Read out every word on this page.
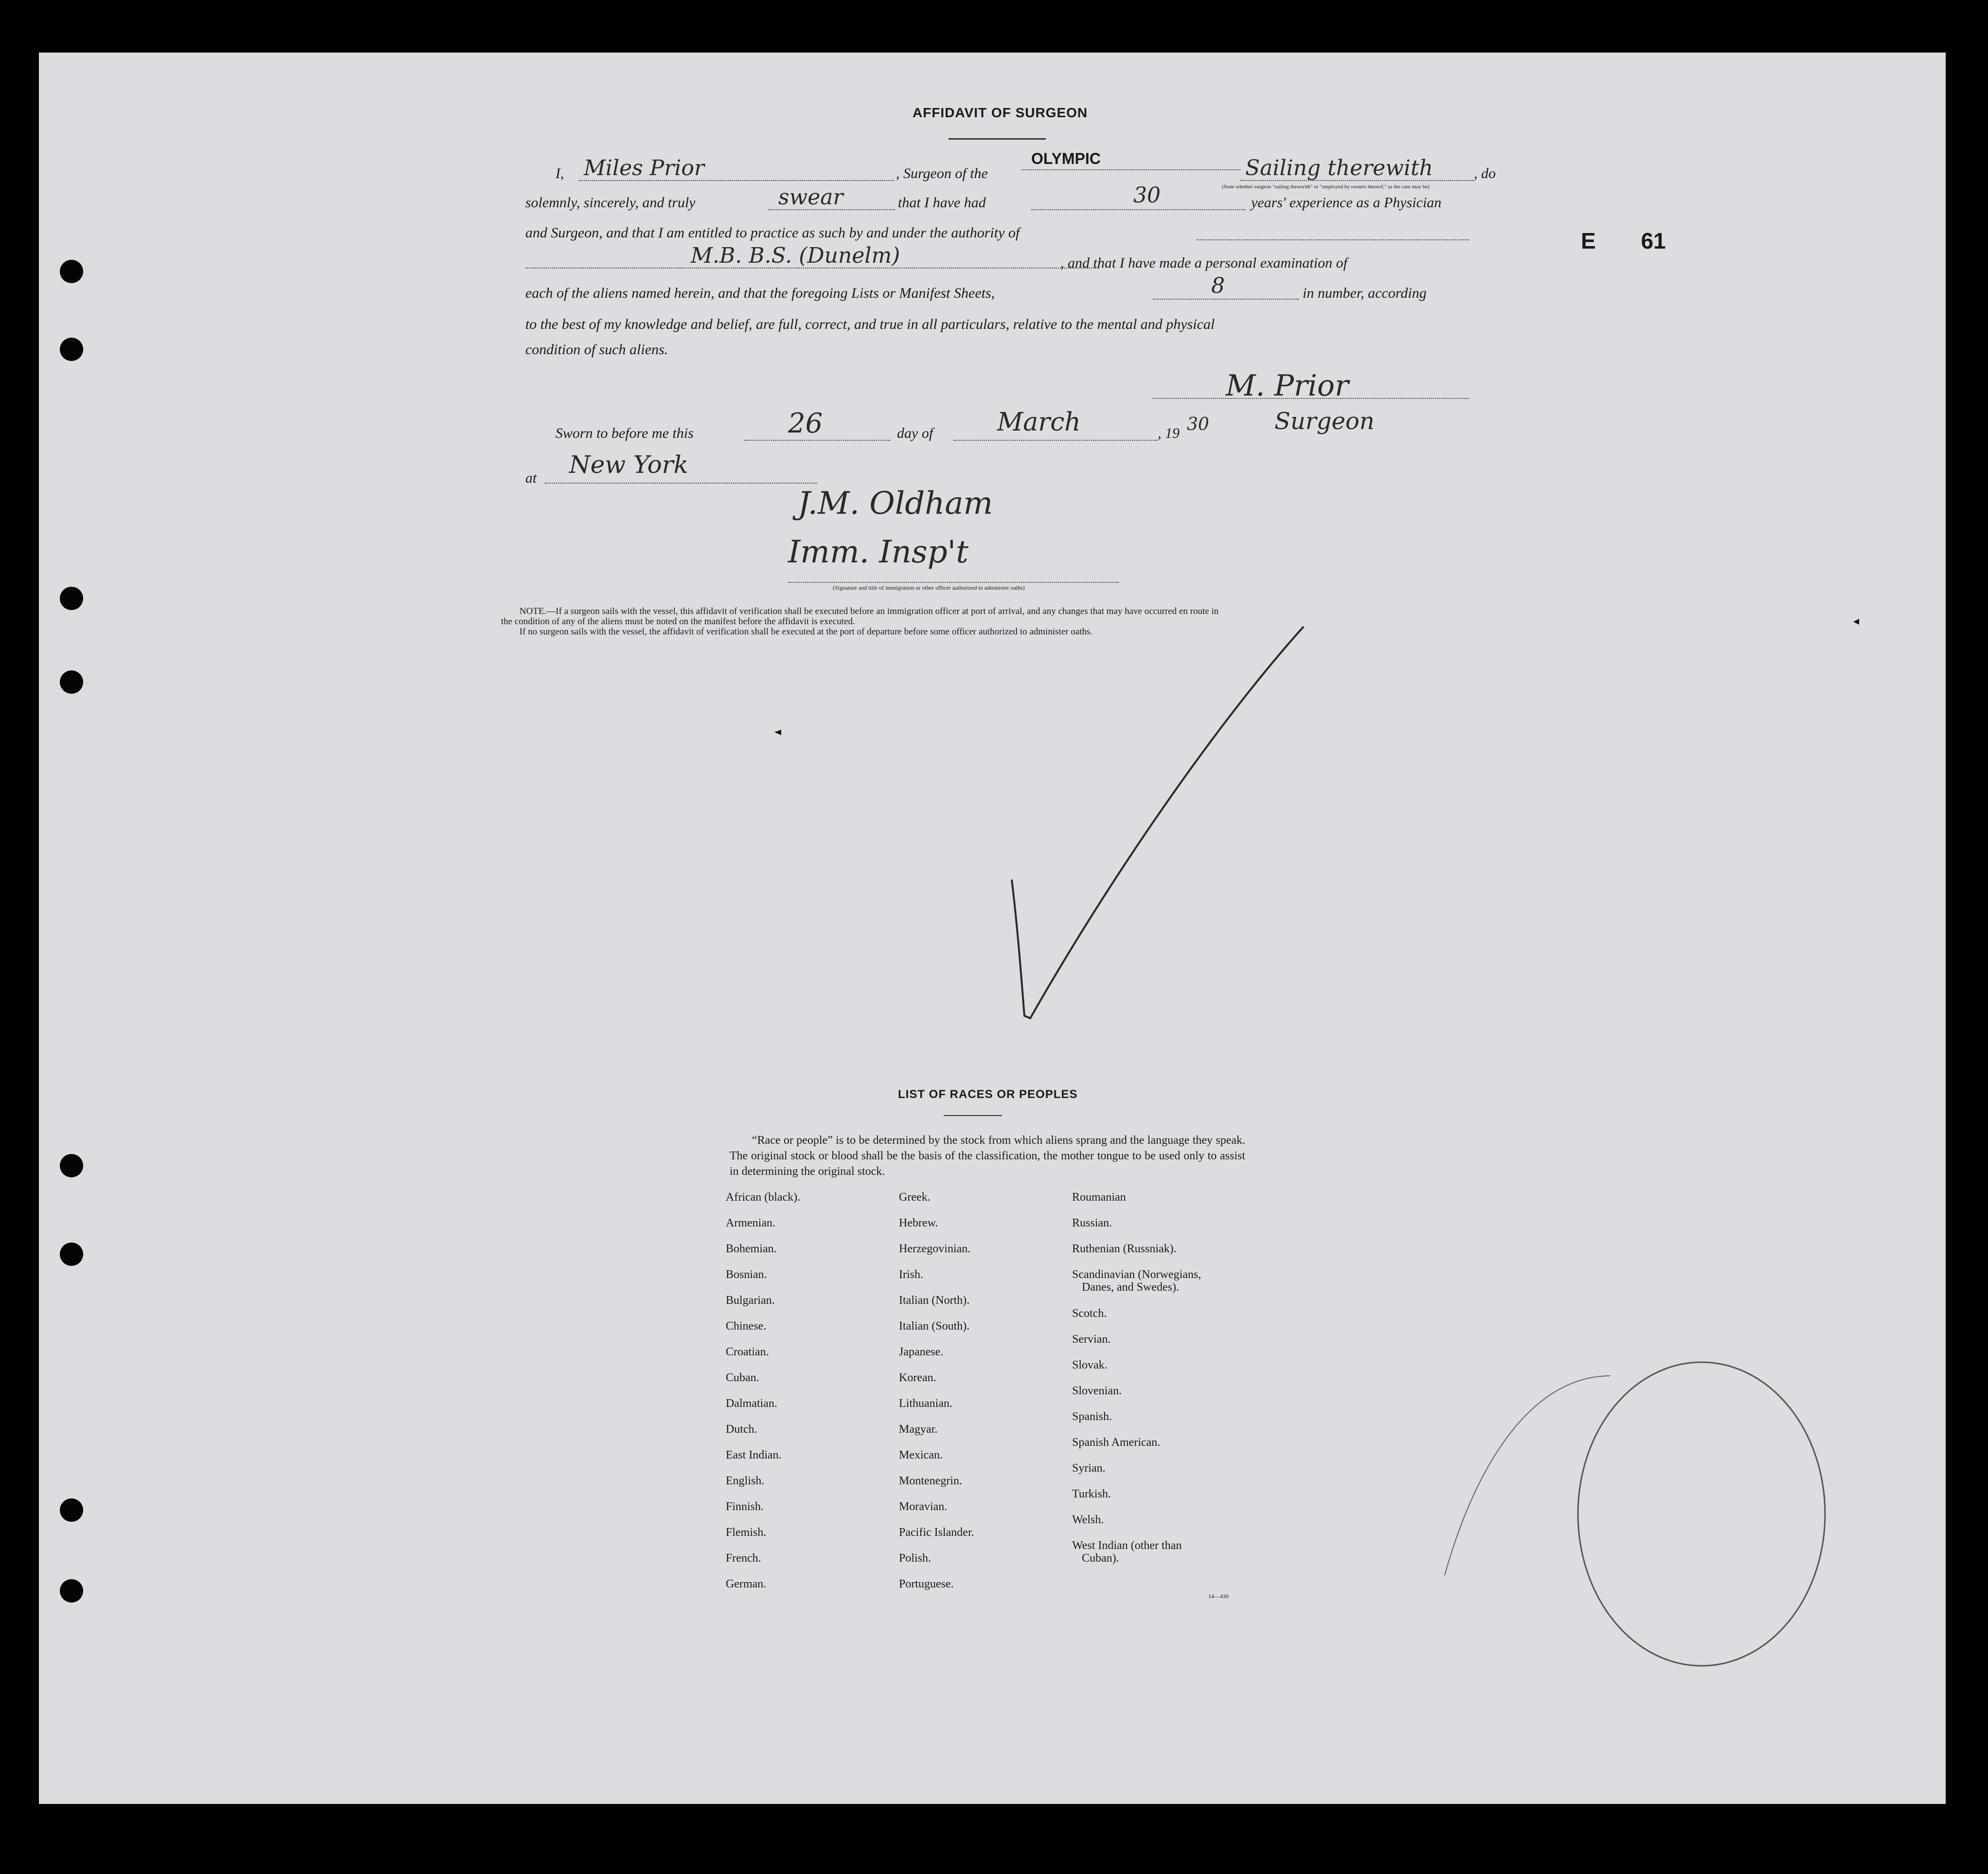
E 61
AFFIDAVIT OF SURGEON
I, Miles Prior	, Surgeon of the
OLYMPIC	Sailing therewith	, do
(State whether surgeon "sailing therewith" or "employed by owners thereof," as the case may be)
solemnly, sincerely, and truly	swear	that I have had	30	years' experience as a Physician
and Surgeon, and that I am entitled to practice as such by and under the authority of
M.B. B.S. (Dunelm)	, and that I have made a personal examination of
each of the aliens named herein, and that the foregoing Lists or Manifest Sheets,	8	in number, according
to the best of my knowledge and belief, are full, correct, and true in all particulars, relative to the mental and physical
condition of such aliens.
M. Prior
Surgeon
Sworn to before me this	26	day of	March	, 19 30
at New York
J.M. Oldham
Imm. Insp't
(Signature and title of immigration or other officer authorized to administer oaths)
NOTE.—If a surgeon sails with the vessel, this affidavit of verification shall be executed before an immigration officer at port of arrival, and any changes that may have occurred en route in
the condition of any of the aliens must be noted on the manifest before the affidavit is executed.
If no surgeon sails with the vessel, the affidavit of verification shall be executed at the port of departure before some officer authorized to administer oaths.
LIST OF RACES OR PEOPLES
“Race or people” is to be determined by the stock from which aliens sprang and the language they speak. The original stock or blood shall be the basis of the classification, the mother tongue to be used only to assist in determining the original stock.
African (black).
Armenian.
Bohemian.
Bosnian.
Bulgarian.
Chinese.
Croatian.
Cuban.
Dalmatian.
Dutch.
East Indian.
English.
Finnish.
Flemish.
French.
German.
Greek.
Hebrew.
Herzegovinian.
Irish.
Italian (North).
Italian (South).
Japanese.
Korean.
Lithuanian.
Magyar.
Mexican.
Montenegrin.
Moravian.
Pacific Islander.
Polish.
Portuguese.
Roumanian
Russian.
Ruthenian (Russniak).
Scandinavian (Norwegians,
Danes, and Swedes).
Scotch.
Servian.
Slovak.
Slovenian.
Spanish.
Spanish American.
Syrian.
Turkish.
Welsh.
West Indian (other than
Cuban).
14—430
